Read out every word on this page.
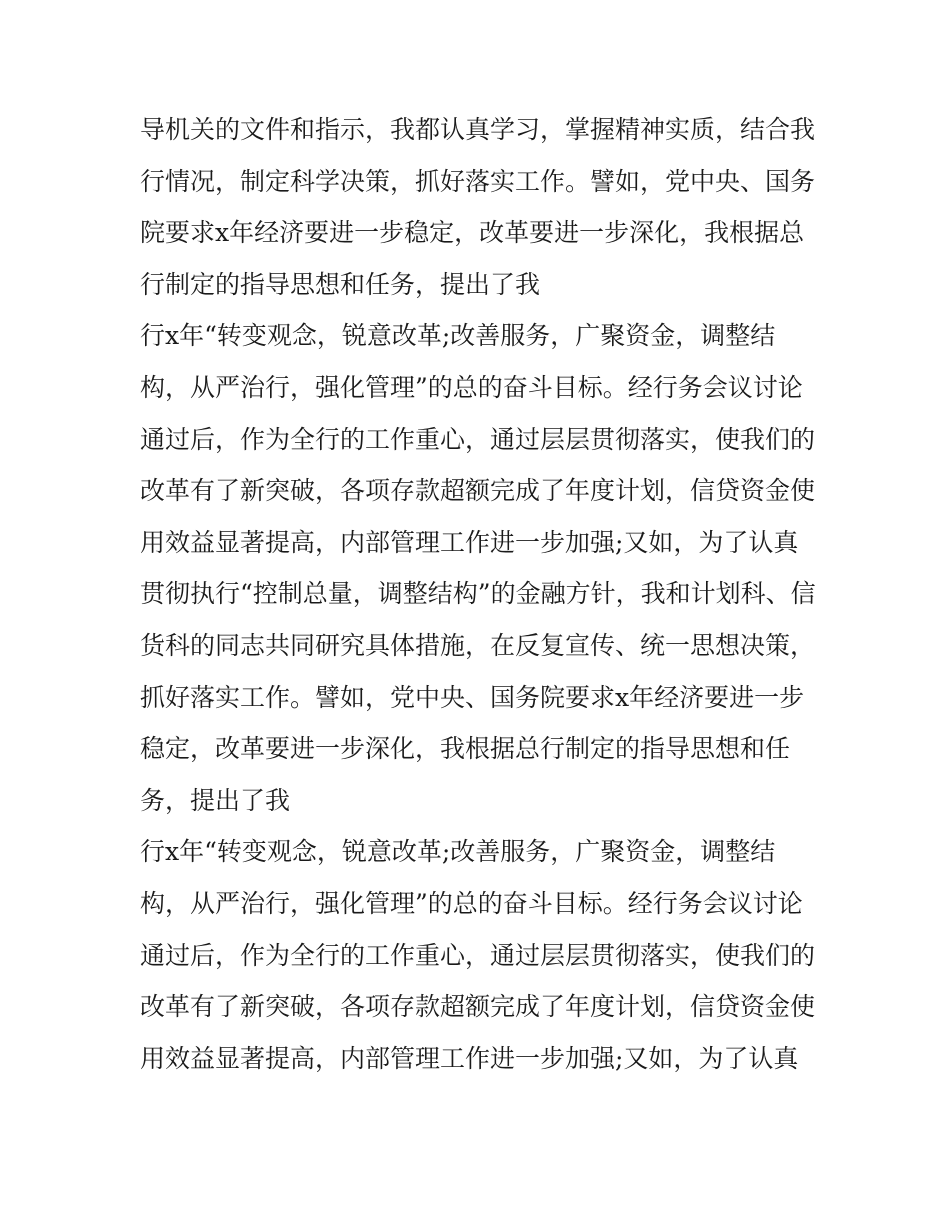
导机关的文件和指示，我都认真学习，掌握精神实质，结合我
行情况，制定科学决策，抓好落实工作。譬如，党中央、国务
院要求x年经济要进一步稳定，改革要进一步深化，我根据总
行制定的指导思想和任务，提出了我
行x年“转变观念，锐意改革;改善服务，广聚资金，调整结
构，从严治行，强化管理”的总的奋斗目标。经行务会议讨论
通过后，作为全行的工作重心，通过层层贯彻落实，使我们的
改革有了新突破，各项存款超额完成了年度计划，信贷资金使
用效益显著提高，内部管理工作进一步加强;又如，为了认真
贯彻执行“控制总量，调整结构”的金融方针，我和计划科、信
货科的同志共同研究具体措施，在反复宣传、统一思想决策，
抓好落实工作。譬如，党中央、国务院要求x年经济要进一步
稳定，改革要进一步深化，我根据总行制定的指导思想和任
务，提出了我
行x年“转变观念，锐意改革;改善服务，广聚资金，调整结
构，从严治行，强化管理”的总的奋斗目标。经行务会议讨论
通过后，作为全行的工作重心，通过层层贯彻落实，使我们的
改革有了新突破，各项存款超额完成了年度计划，信贷资金使
用效益显著提高，内部管理工作进一步加强;又如，为了认真
